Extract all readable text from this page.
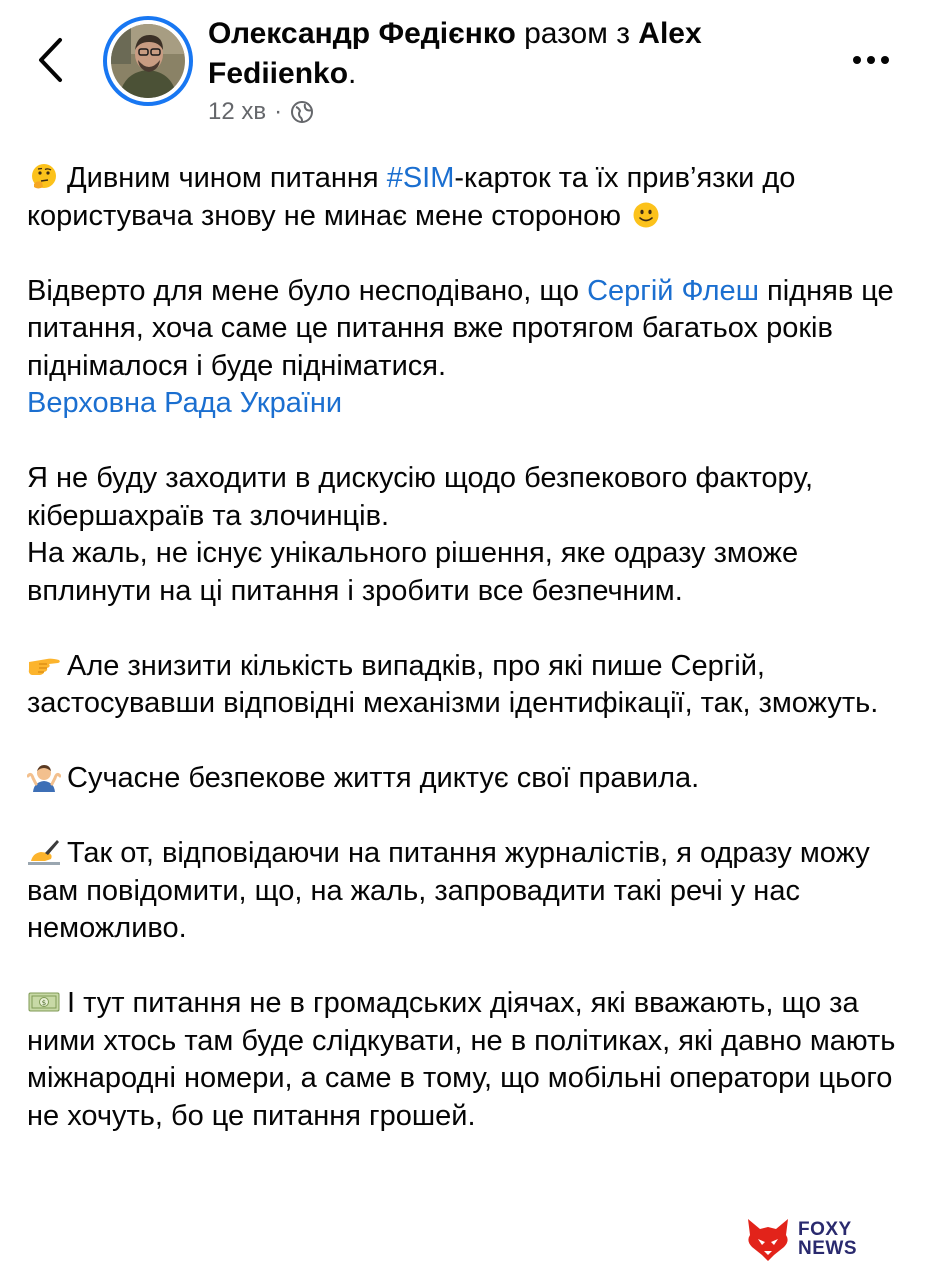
Олександр Федієнко разом з Alex Fediienko.
12 хв ·

Дивним чином питання #SIM-карток та їх прив’язки до користувача знову не минає мене стороною

Відверто для мене було несподівано, що Сергій Флеш підняв це питання, хоча саме це питання вже протягом багатьох років піднімалося і буде підніматися.
Верховна Рада України

Я не буду заходити в дискусію щодо безпекового фактору, кібершахраїв та злочинців.
На жаль, не існує унікального рішення, яке одразу зможе вплинути на ці питання і зробити все безпечним.

Але знизити кількість випадків, про які пише Сергій, застосувавши відповідні механізми ідентифікації, так, зможуть.

Сучасне безпекове життя диктує свої правила.

Так от, відповідаючи на питання журналістів, я одразу можу вам повідомити, що, на жаль, запровадити такі речі у нас неможливо.

$ І тут питання не в громадських діячах, які вважають, що за ними хтось там буде слідкувати, не в політиках, які давно мають міжнародні номери, а саме в тому, що мобільні оператори цього не хочуть, бо це питання грошей.

FOXY
NEWS
